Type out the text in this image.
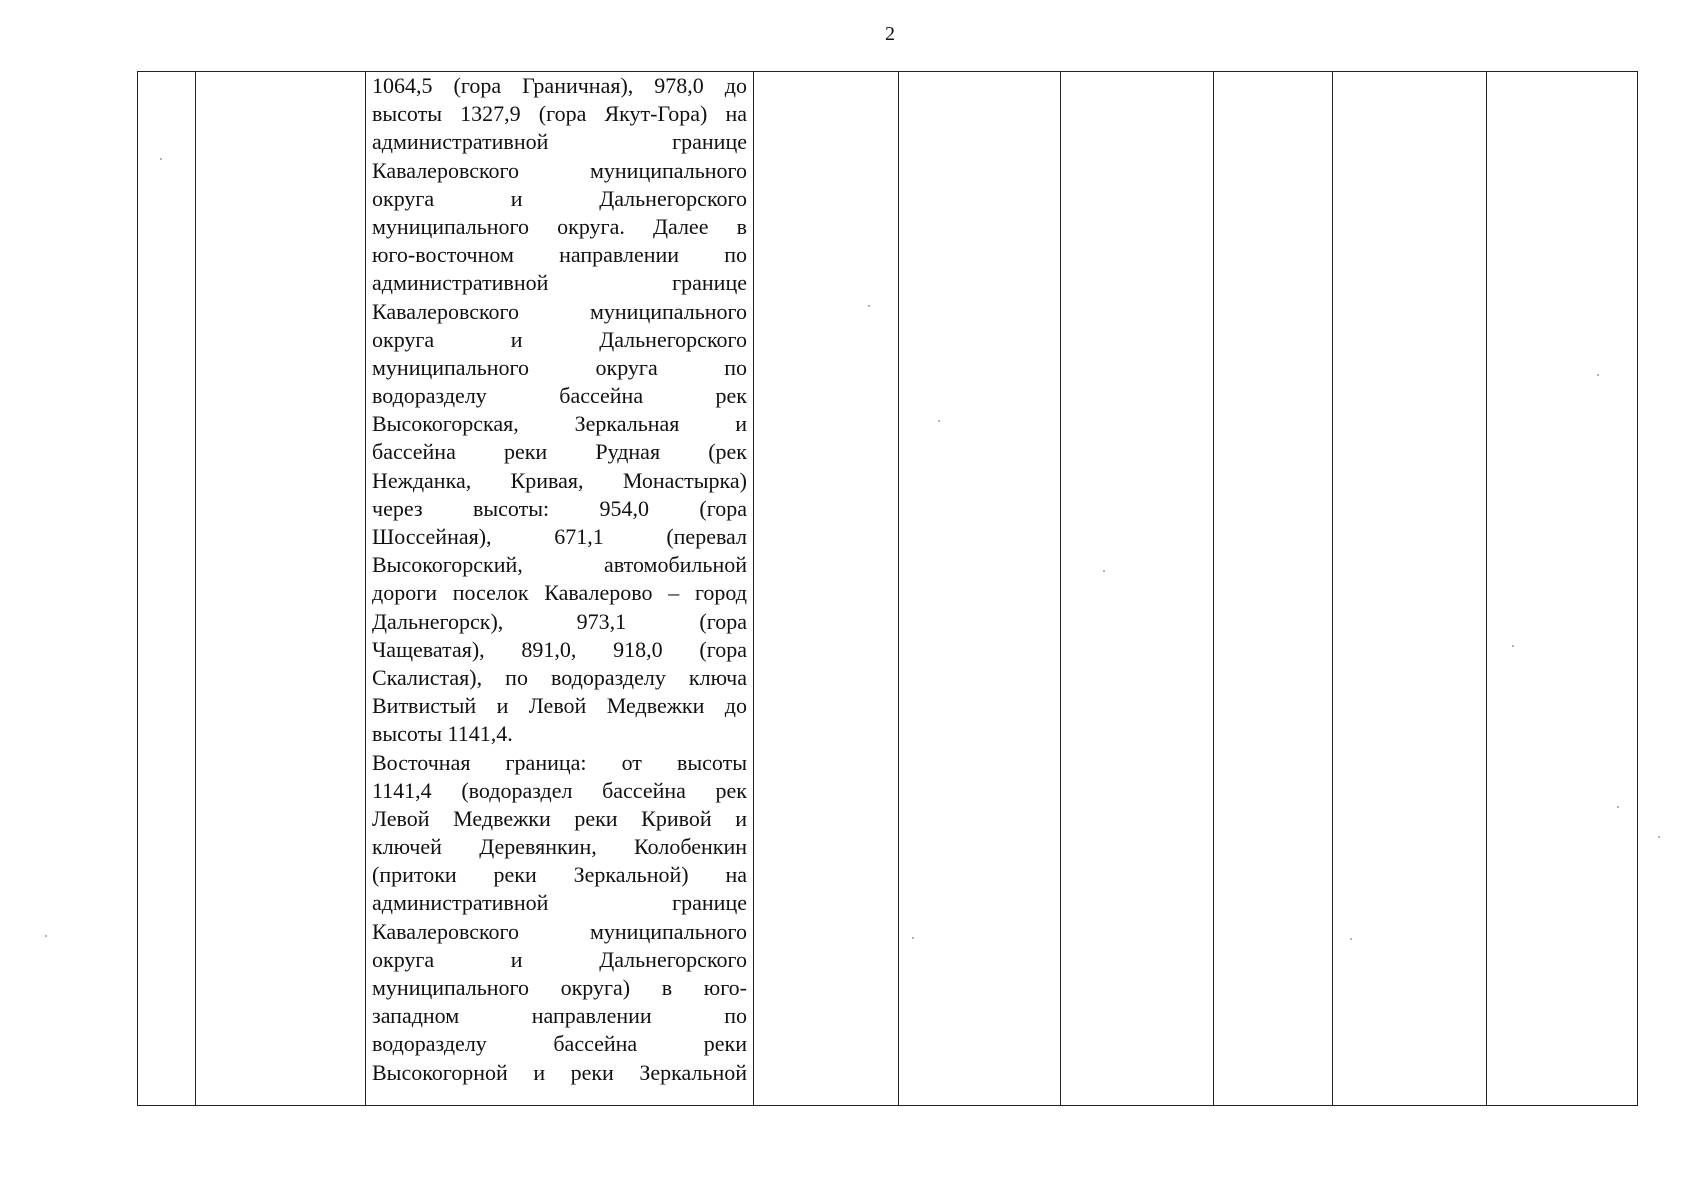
2

1064,5 (гора Граничная), 978,0 до
высоты 1327,9 (гора Якут-Гора) на
административной границе
Кавалеровского муниципального
округа и Дальнегорского
муниципального округа. Далее в
юго-восточном направлении по
административной границе
Кавалеровского муниципального
округа и Дальнегорского
муниципального округа по
водоразделу бассейна рек
Высокогорская, Зеркальная и
бассейна реки Рудная (рек
Нежданка, Кривая, Монастырка)
через высоты: 954,0 (гора
Шоссейная), 671,1 (перевал
Высокогорский, автомобильной
дороги поселок Кавалерово – город
Дальнегорск), 973,1 (гора
Чащеватая), 891,0, 918,0 (гора
Скалистая), по водоразделу ключа
Витвистый и Левой Медвежки до
высоты 1141,4.
Восточная граница: от высоты
1141,4 (водораздел бассейна рек
Левой Медвежки реки Кривой и
ключей Деревянкин, Колобенкин
(притоки реки Зеркальной) на
административной границе
Кавалеровского муниципального
округа и Дальнегорского
муниципального округа) в юго-
западном направлении по
водоразделу бассейна реки
Высокогорной и реки Зеркальной
